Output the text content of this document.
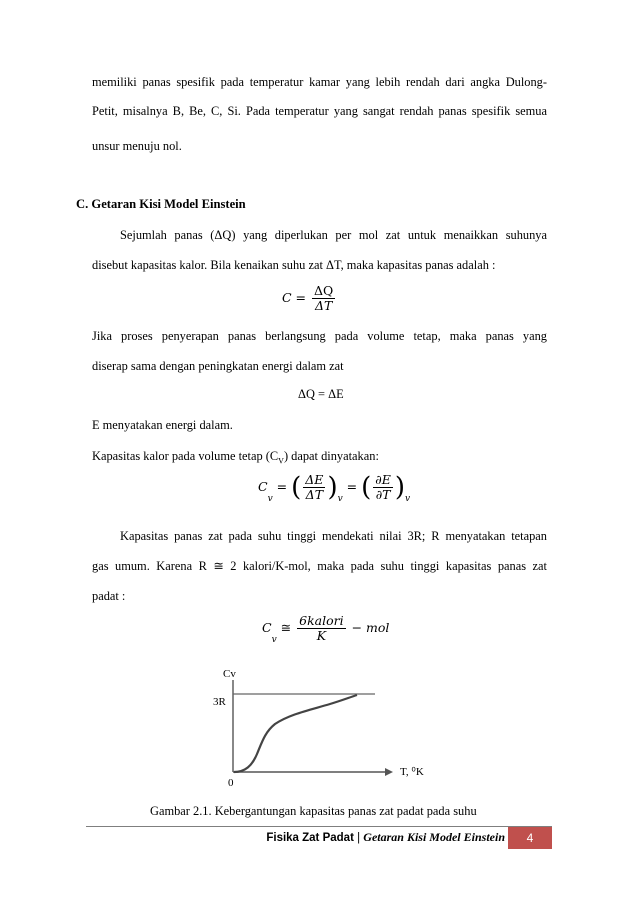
memiliki panas spesifik pada temperatur kamar yang lebih rendah dari angka Dulong-
Petit, misalnya B, Be, C, Si. Pada temperatur yang sangat rendah panas spesifik semua
unsur menuju nol.
C. Getaran Kisi Model Einstein
Sejumlah panas (ΔQ) yang diperlukan per mol zat untuk menaikkan suhunya
disebut kapasitas kalor. Bila kenaikan suhu zat ΔT, maka kapasitas panas adalah :
$C = \frac{\Delta Q}{\Delta T}$
Jika proses penyerapan panas berlangsung pada volume tetap, maka panas yang
diserap sama dengan peningkatan energi dalam zat
ΔQ = ΔE
E menyatakan energi dalam.
Kapasitas kalor pada volume tetap $(C_V)$ dapat dinyatakan:
$C_v$ = ( $\frac{\Delta E}{\Delta T} )_v$ = ( $\frac{\partial E}{\partial T} )_v$
Kapasitas panas zat pada suhu tinggi mendekati nilai 3R; R menyatakan tetapan
gas umum. Karena R ≅ 2 kalori/K-mol, maka pada suhu tinggi kapasitas panas zat
padat :
$C_v$ ≅ $\frac{\text{6kalori}}{K}$ − mol
Cv
3R
0
T, ⁰K
Gambar 2.1. Kebergantungan kapasitas panas zat padat pada suhu
Fisika Zat Padat | Getaran Kisi Model Einstein	4
